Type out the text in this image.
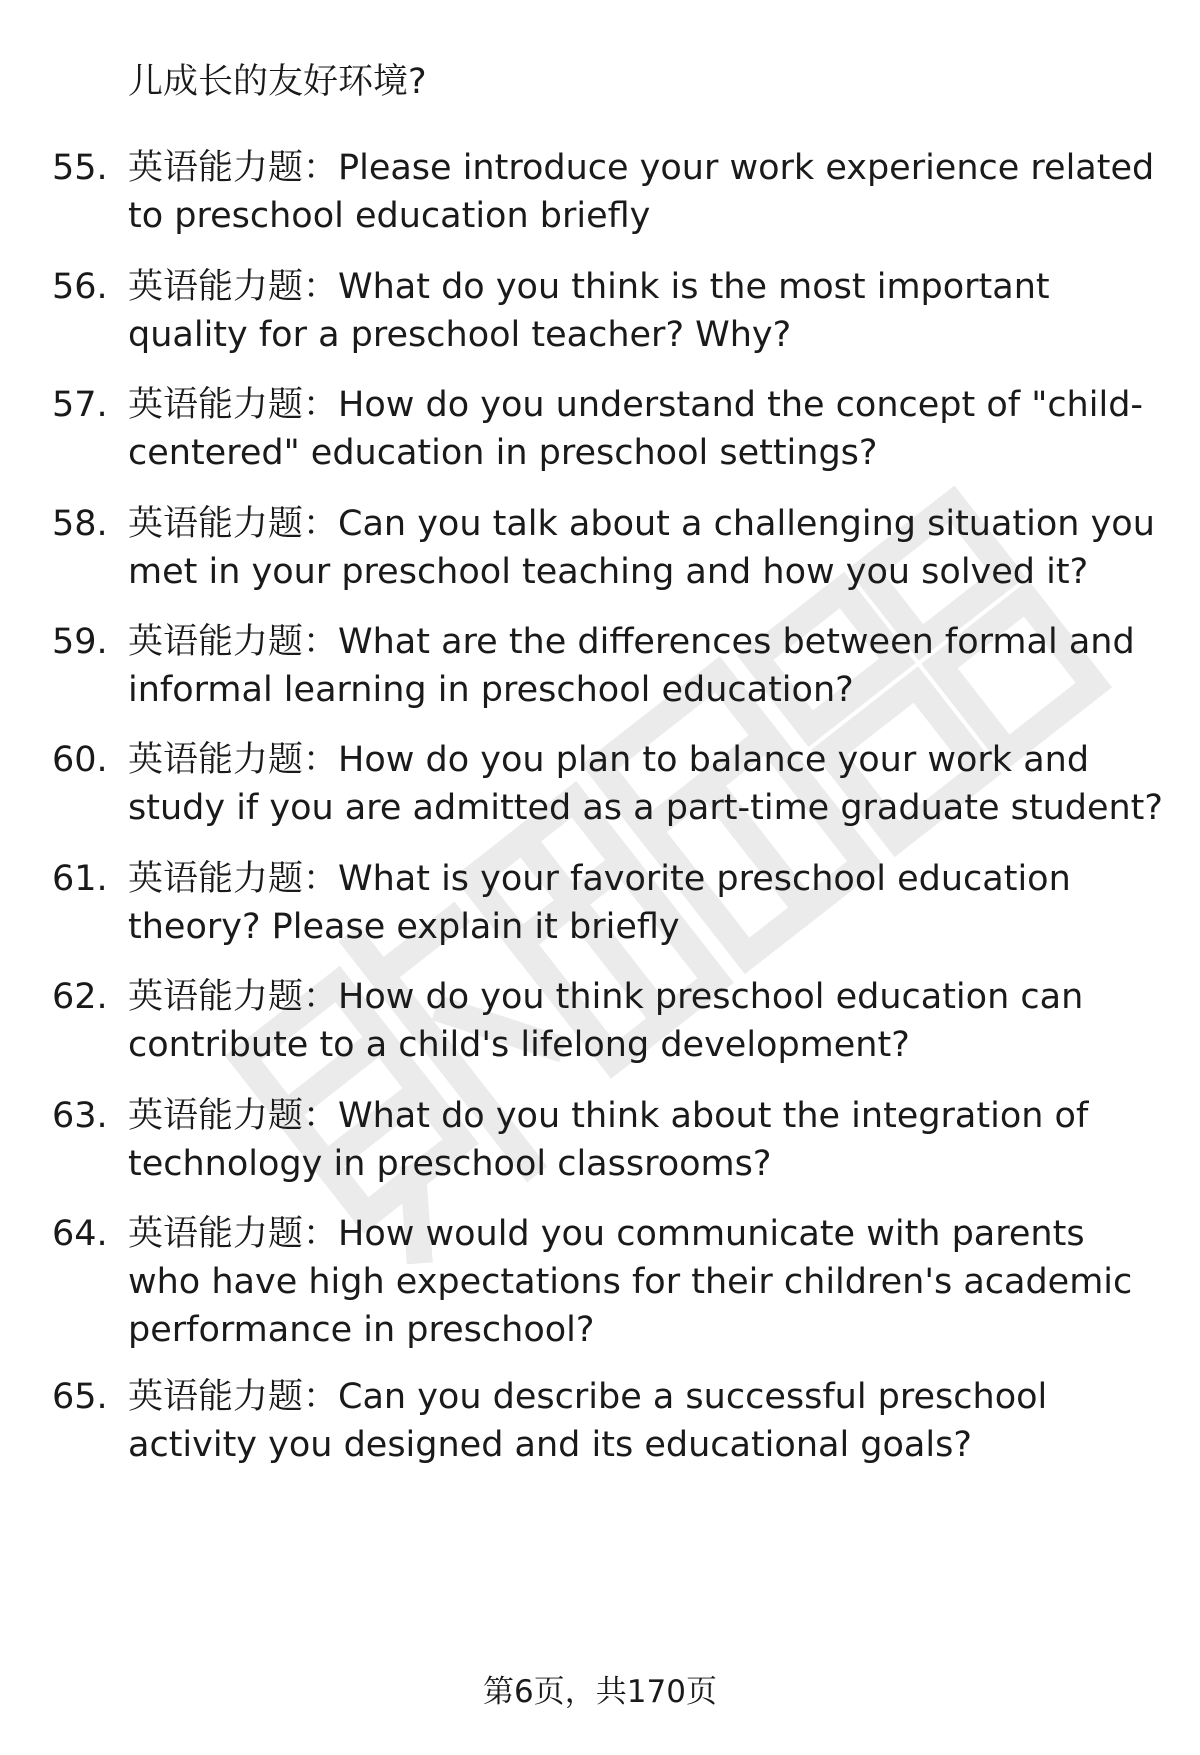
儿成长的友好环境?
55. 英语能力题：Please introduce your work experience related
to preschool education briefly
56. 英语能力题：What do you think is the most important
quality for a preschool teacher? Why?
57. 英语能力题：How do you understand the concept of "child-
centered" education in preschool settings?
58. 英语能力题：Can you talk about a challenging situation you
met in your preschool teaching and how you solved it?
59. 英语能力题：What are the differences between formal and
informal learning in preschool education?
60. 英语能力题：How do you plan to balance your work and
study if you are admitted as a part-time graduate student?
61. 英语能力题：What is your favorite preschool education
theory? Please explain it briefly
62. 英语能力题：How do you think preschool education can
contribute to a child's lifelong development?
63. 英语能力题：What do you think about the integration of
technology in preschool classrooms?
64. 英语能力题：How would you communicate with parents
who have high expectations for their children's academic
performance in preschool?
65. 英语能力题：Can you describe a successful preschool
activity you designed and its educational goals?
第6页，共170页
